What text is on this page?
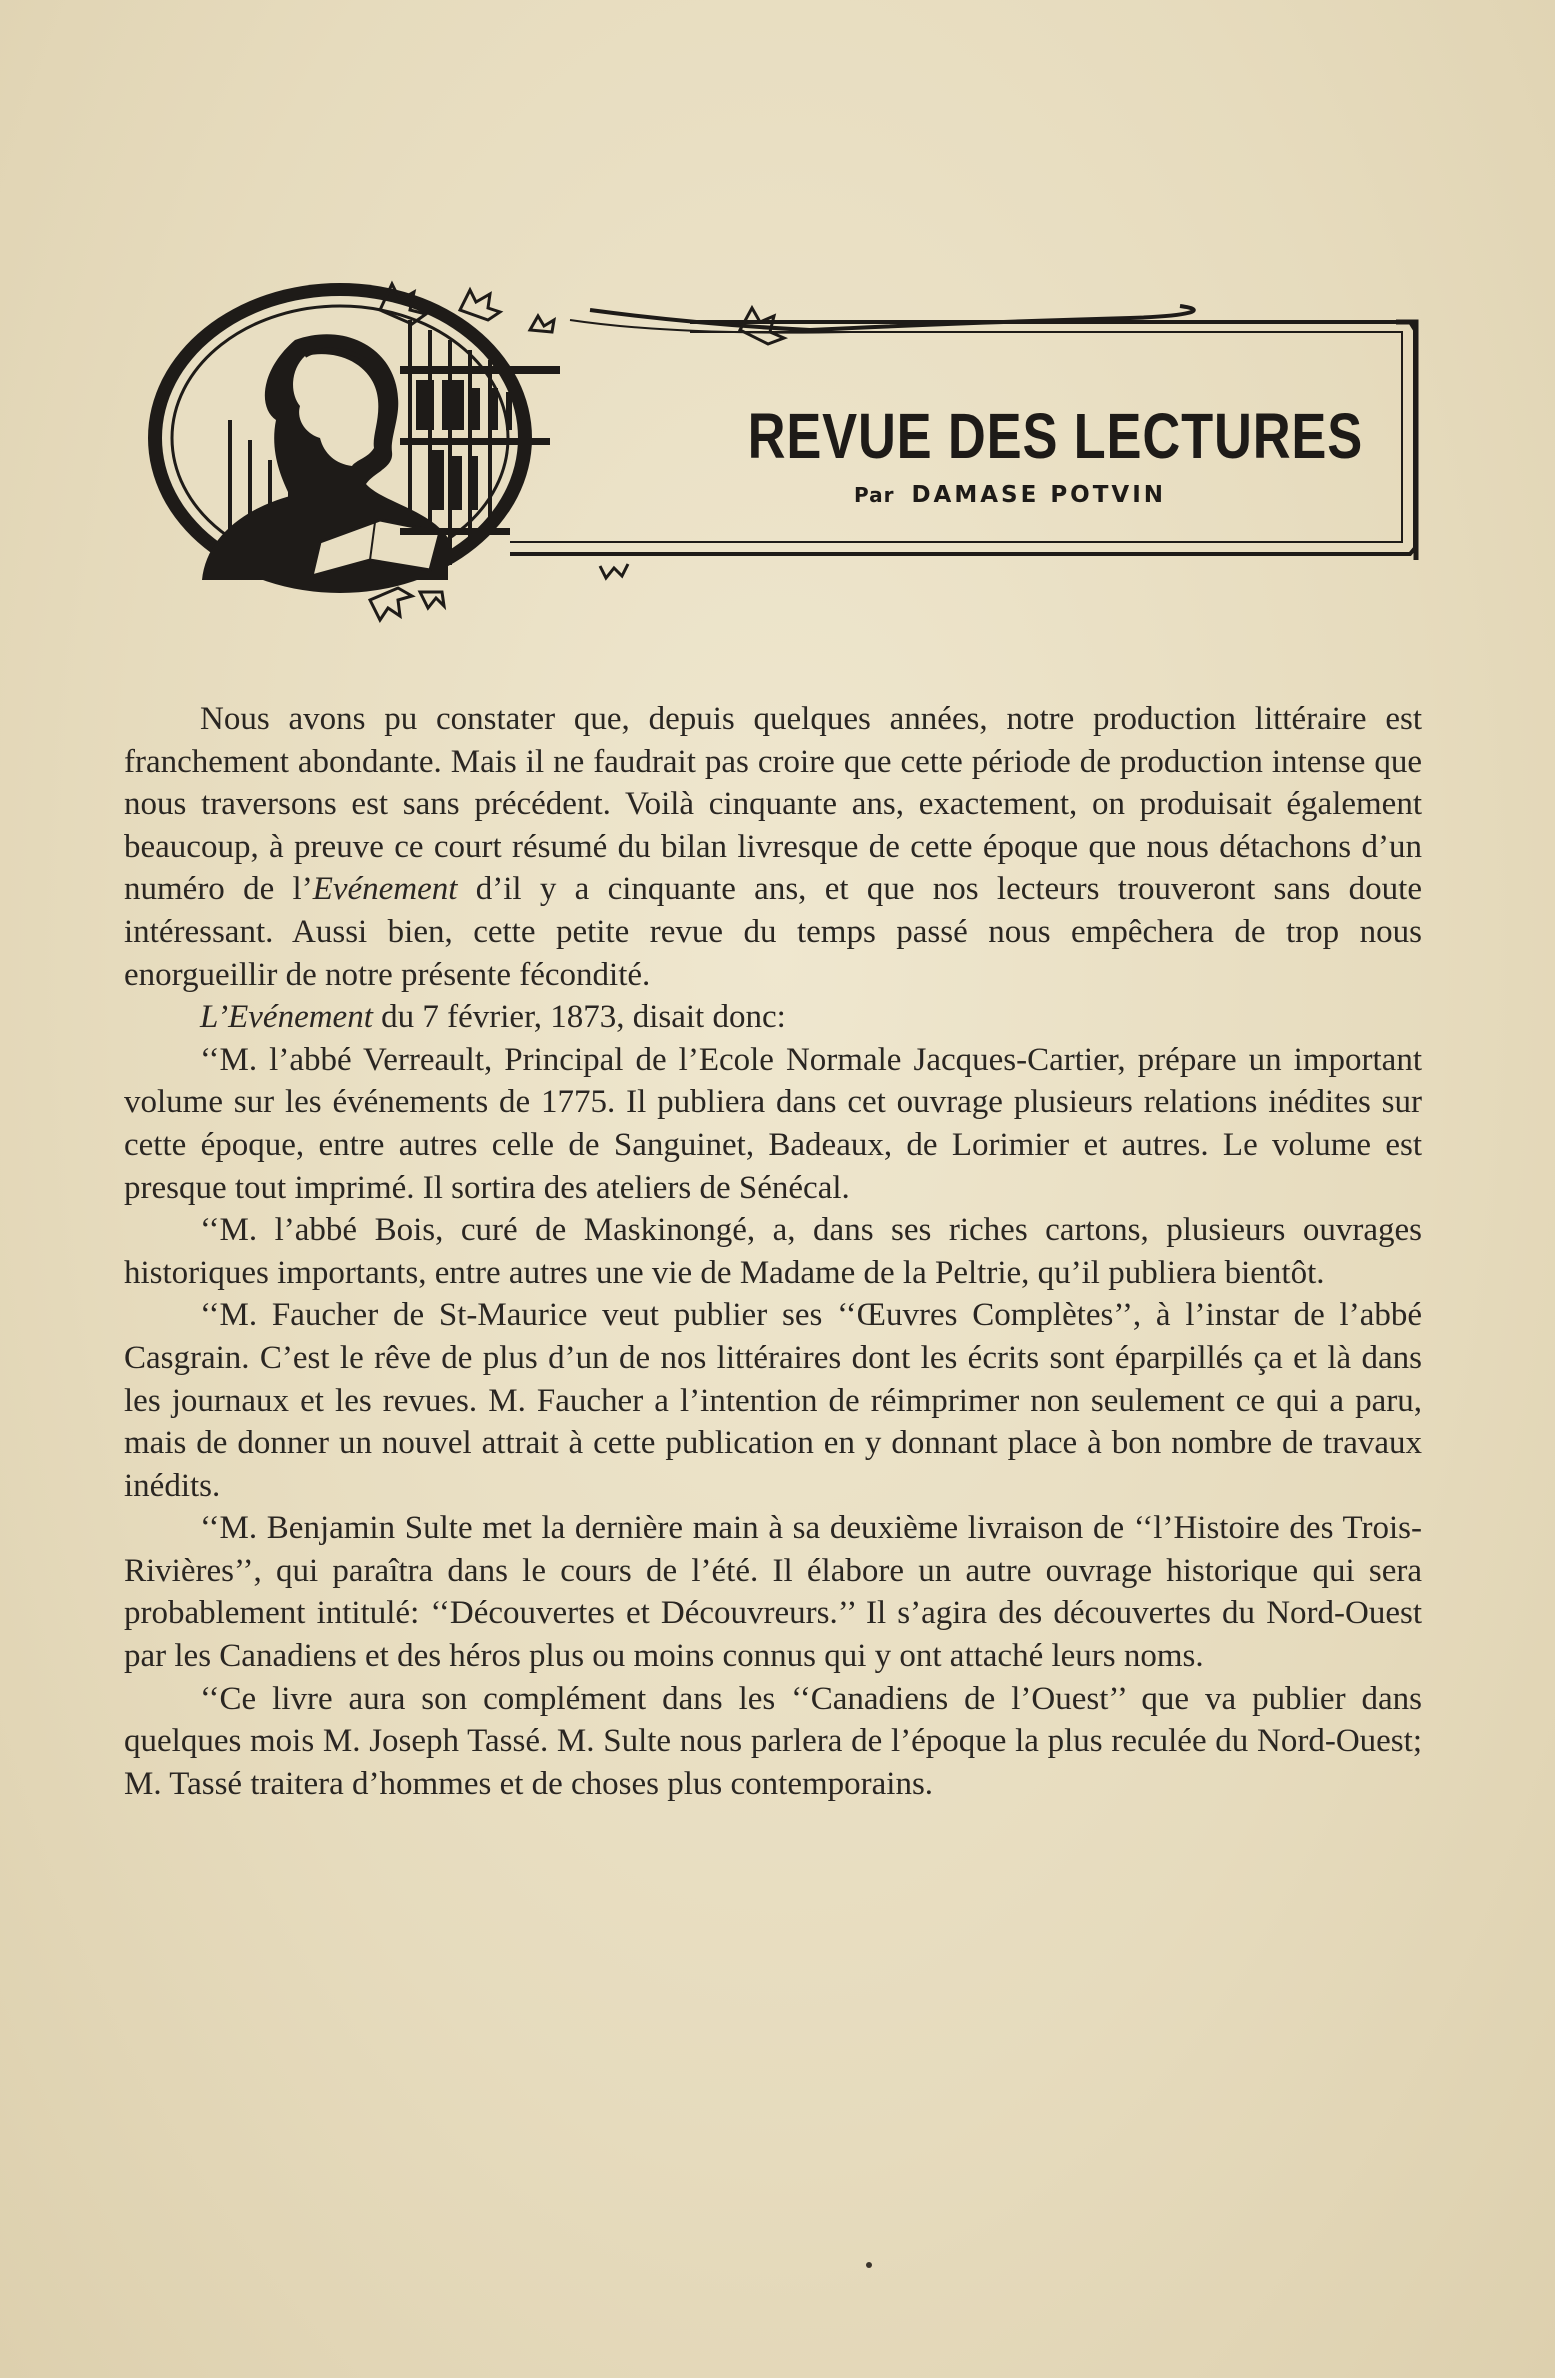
REVUE DES LECTURES
Par DAMASE POTVIN

Nous avons pu constater que, depuis quelques années, notre production littéraire est franchement abondante. Mais il ne faudrait pas croire que cette période de production intense que nous traversons est sans précédent. Voilà cinquante ans, exactement, on produisait également beaucoup, à preuve ce court résumé du bilan livresque de cette époque que nous détachons d’un numéro de l’Evénement d’il y a cinquante ans, et que nos lecteurs trouveront sans doute intéressant. Aussi bien, cette petite revue du temps passé nous empêchera de trop nous enorgueillir de notre présente fécondité.

L’Evénement du 7 février, 1873, disait donc:

‘‘M. l’abbé Verreault, Principal de l’Ecole Normale Jacques-Cartier, prépare un important volume sur les événements de 1775. Il publiera dans cet ouvrage plusieurs relations inédites sur cette époque, entre autres celle de Sanguinet, Badeaux, de Lorimier et autres. Le volume est presque tout imprimé. Il sortira des ateliers de Sénécal.

‘‘M. l’abbé Bois, curé de Maskinongé, a, dans ses riches cartons, plusieurs ouvrages historiques importants, entre autres une vie de Madame de la Peltrie, qu’il publiera bientôt.

‘‘M. Faucher de St-Maurice veut publier ses ‘‘Œuvres Complètes’’, à l’instar de l’abbé Casgrain. C’est le rêve de plus d’un de nos littéraires dont les écrits sont éparpillés ça et là dans les journaux et les revues. M. Faucher a l’intention de réimprimer non seulement ce qui a paru, mais de donner un nouvel attrait à cette publication en y donnant place à bon nombre de travaux inédits.

‘‘M. Benjamin Sulte met la dernière main à sa deuxième livraison de ‘‘l’Histoire des Trois-Rivières’’, qui paraîtra dans le cours de l’été. Il élabore un autre ouvrage historique qui sera probablement intitulé: ‘‘Découvertes et Découvreurs.’’ Il s’agira des découvertes du Nord-Ouest par les Canadiens et des héros plus ou moins connus qui y ont attaché leurs noms.

‘‘Ce livre aura son complément dans les ‘‘Canadiens de l’Ouest’’ que va publier dans quelques mois M. Joseph Tassé. M. Sulte nous parlera de l’époque la plus reculée du Nord-Ouest; M. Tassé traitera d’hommes et de choses plus contemporains.
